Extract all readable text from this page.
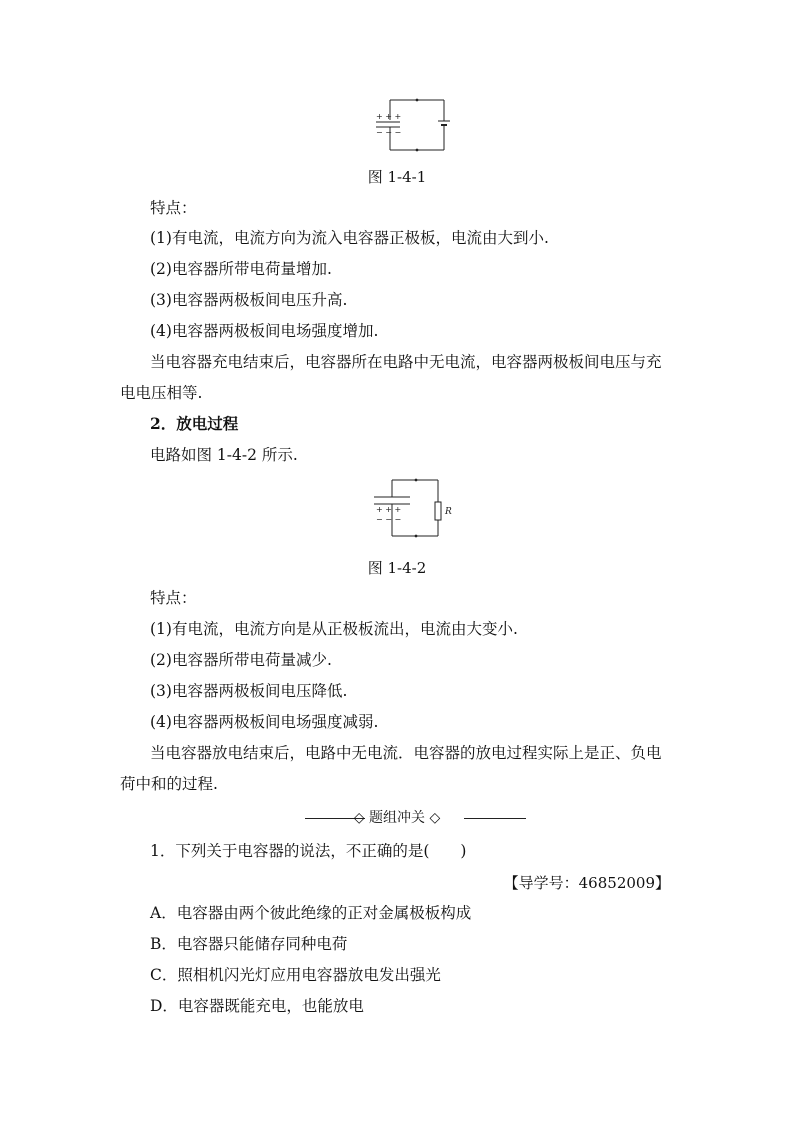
+ + +
− − −
图 1-4-1
特点：
(1)有电流，电流方向为流入电容器正极板，电流由大到小.
(2)电容器所带电荷量增加.
(3)电容器两极板间电压升高.
(4)电容器两极板间电场强度增加.
当电容器充电结束后，电容器所在电路中无电流，电容器两极板间电压与充
电电压相等.
2．放电过程
电路如图 1-4-2 所示.
+ + +
− − −
R
图 1-4-2
特点：
(1)有电流，电流方向是从正极板流出，电流由大变小.
(2)电容器所带电荷量减少.
(3)电容器两极板间电压降低.
(4)电容器两极板间电场强度减弱.
当电容器放电结束后，电路中无电流．电容器的放电过程实际上是正、负电
荷中和的过程.
◇ 题组冲关 ◇
1．下列关于电容器的说法，不正确的是(　　)
【导学号：46852009】
A．电容器由两个彼此绝缘的正对金属极板构成
B．电容器只能储存同种电荷
C．照相机闪光灯应用电容器放电发出强光
D．电容器既能充电，也能放电
